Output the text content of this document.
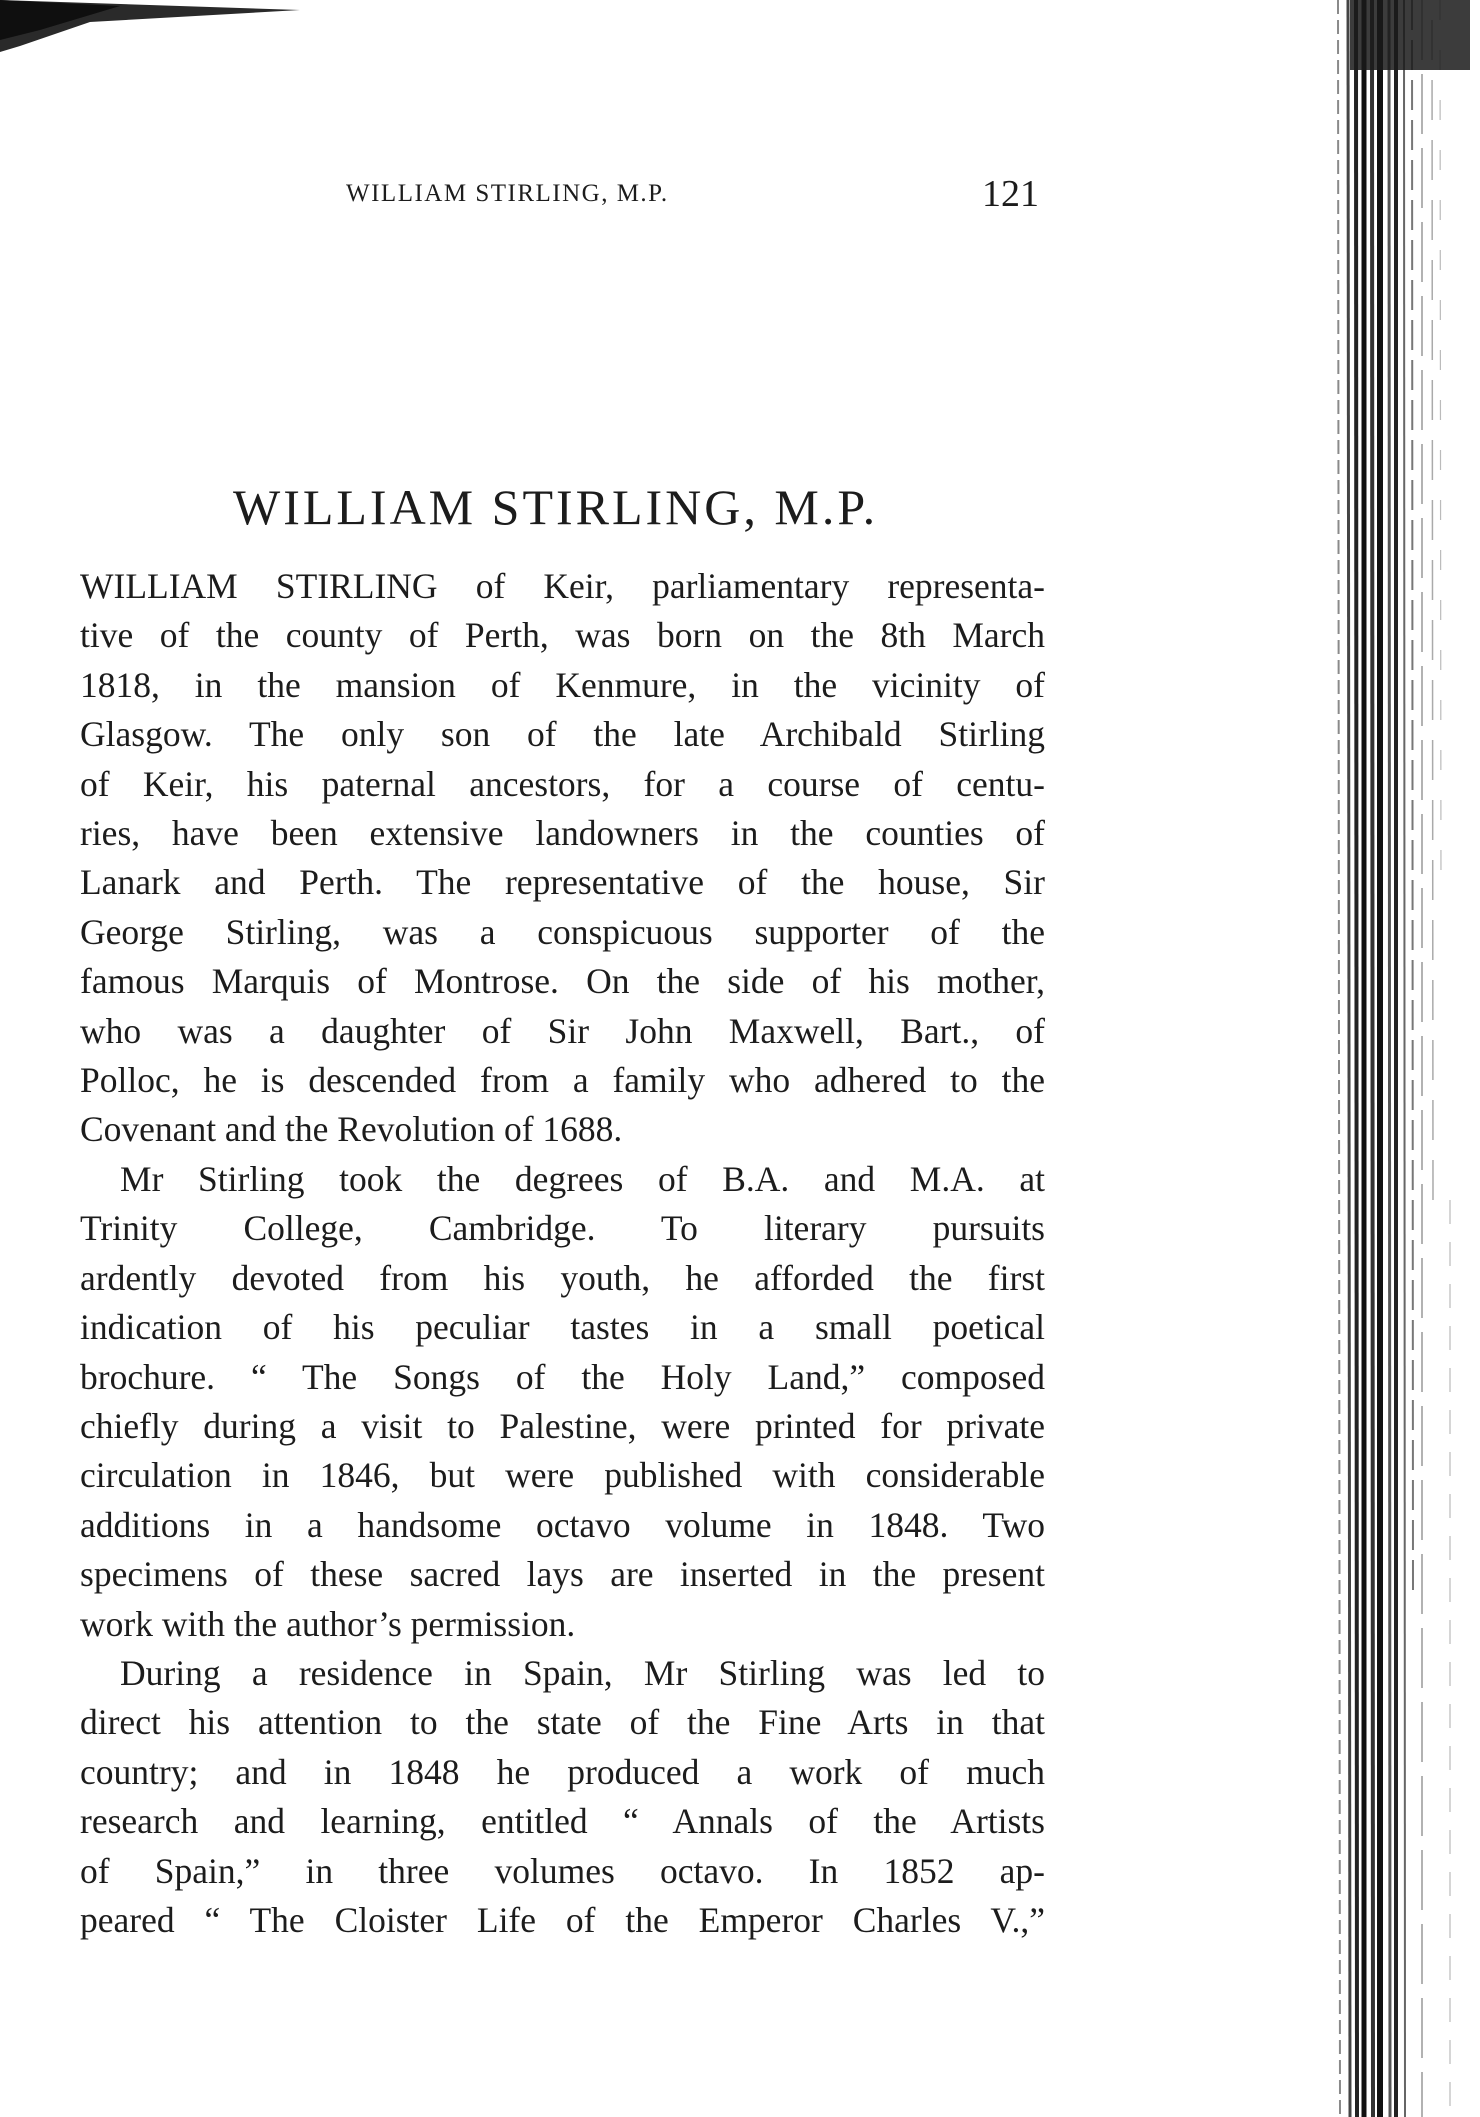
WILLIAM STIRLING, M.P.	121
WILLIAM STIRLING, M.P.

WILLIAM STIRLING of Keir, parliamentary representa-
tive of the county of Perth, was born on the 8th March
1818, in the mansion of Kenmure, in the vicinity of
Glasgow. The only son of the late Archibald Stirling
of Keir, his paternal ancestors, for a course of centu-
ries, have been extensive landowners in the counties of
Lanark and Perth. The representative of the house, Sir
George Stirling, was a conspicuous supporter of the
famous Marquis of Montrose. On the side of his mother,
who was a daughter of Sir John Maxwell, Bart., of
Polloc, he is descended from a family who adhered to the
Covenant and the Revolution of 1688.

Mr Stirling took the degrees of B.A. and M.A. at
Trinity College, Cambridge. To literary pursuits
ardently devoted from his youth, he afforded the first
indication of his peculiar tastes in a small poetical
brochure. “ The Songs of the Holy Land,” composed
chiefly during a visit to Palestine, were printed for private
circulation in 1846, but were published with considerable
additions in a handsome octavo volume in 1848. Two
specimens of these sacred lays are inserted in the present
work with the author’s permission.

During a residence in Spain, Mr Stirling was led to
direct his attention to the state of the Fine Arts in that
country; and in 1848 he produced a work of much
research and learning, entitled “ Annals of the Artists
of Spain,” in three volumes octavo. In 1852 ap-
peared “ The Cloister Life of the Emperor Charles V.,”
